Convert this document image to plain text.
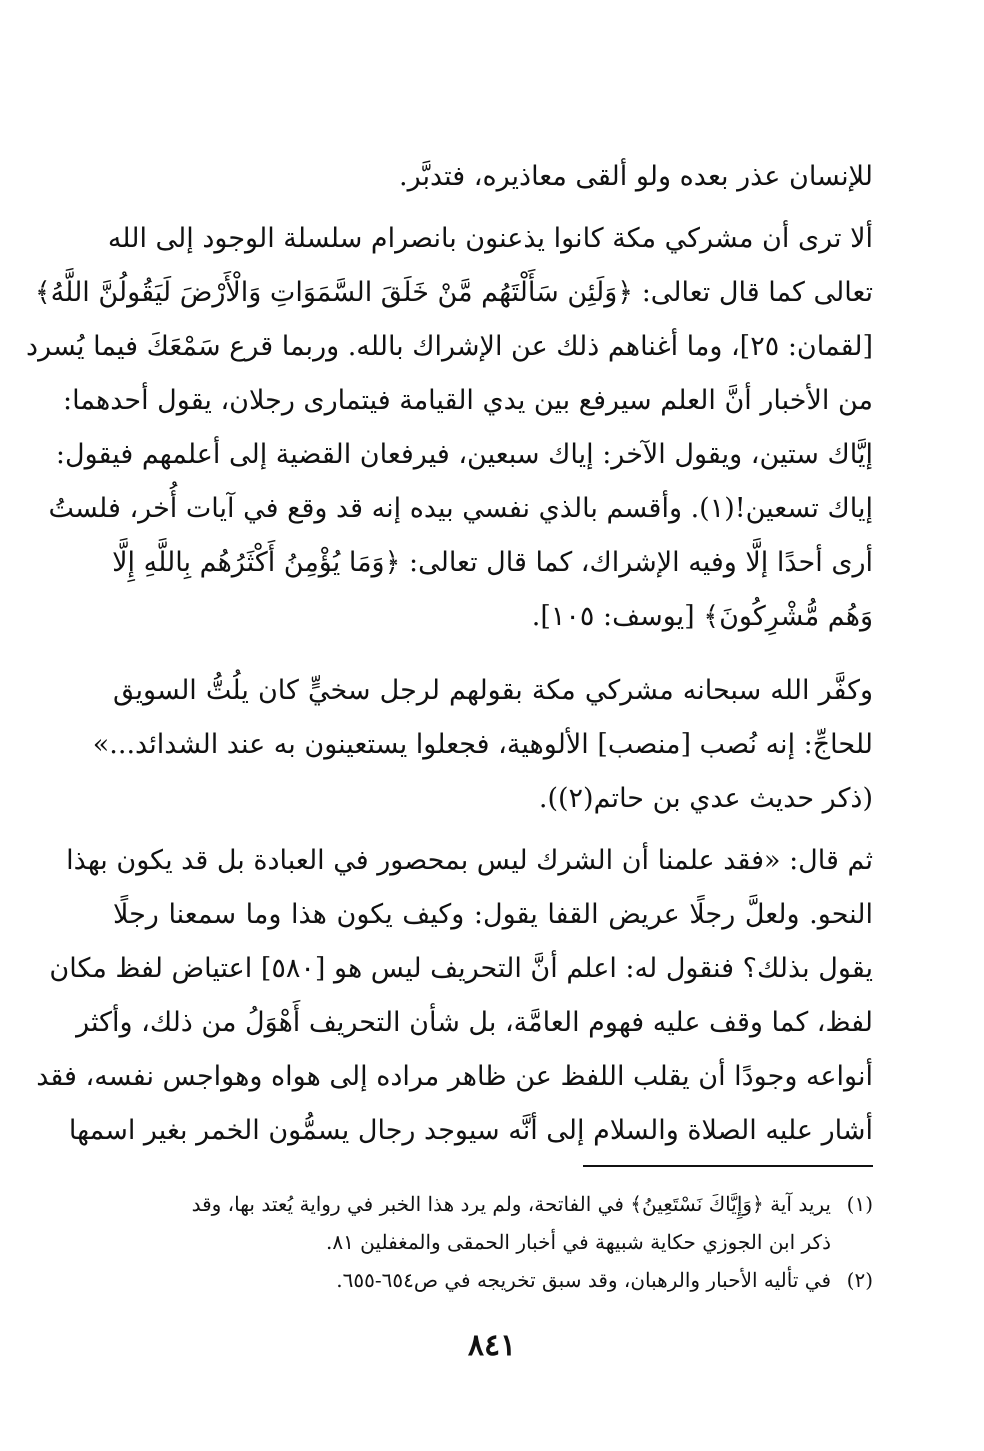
للإنسان عذر بعده ولو ألقى معاذيره، فتدبَّر.
ألا ترى أن مشركي مكة كانوا يذعنون بانصرام سلسلة الوجود إلى الله
تعالى كما قال تعالى: ﴿وَلَئِن سَأَلْتَهُم مَّنْ خَلَقَ السَّمَوَاتِ وَالْأَرْضَ لَيَقُولُنَّ اللَّهُ﴾
[لقمان: ٢٥]، وما أغناهم ذلك عن الإشراك بالله. وربما قرع سَمْعَكَ فيما يُسرد
من الأخبار أنَّ العلم سيرفع بين يدي القيامة فيتمارى رجلان، يقول أحدهما:
إيَّاك ستين، ويقول الآخر: إياك سبعين، فيرفعان القضية إلى أعلمهم فيقول:
إياك تسعين!(١). وأقسم بالذي نفسي بيده إنه قد وقع في آيات أُخر، فلستُ
أرى أحدًا إلَّا وفيه الإشراك، كما قال تعالى: ﴿وَمَا يُؤْمِنُ أَكْثَرُهُم بِاللَّهِ إِلَّا
وَهُم مُّشْرِكُونَ﴾ [يوسف: ١٠٥].
وكفَّر الله سبحانه مشركي مكة بقولهم لرجل سخيٍّ كان يلُتُّ السويق
للحاجِّ: إنه نُصب [منصب] الألوهية، فجعلوا يستعينون به عند الشدائد...»
(ذكر حديث عدي بن حاتم(٢)).
ثم قال: «فقد علمنا أن الشرك ليس بمحصور في العبادة بل قد يكون بهذا
النحو. ولعلَّ رجلًا عريض القفا يقول: وكيف يكون هذا وما سمعنا رجلًا
يقول بذلك؟ فنقول له: اعلم أنَّ التحريف ليس هو [٥٨٠] اعتياض لفظ مكان
لفظ، كما وقف عليه فهوم العامَّة، بل شأن التحريف أَهْوَلُ من ذلك، وأكثر
أنواعه وجودًا أن يقلب اللفظ عن ظاهر مراده إلى هواه وهواجس نفسه، فقد
أشار عليه الصلاة والسلام إلى أنَّه سيوجد رجال يسمُّون الخمر بغير اسمها
(١)يريد آية ﴿وَإِيَّاكَ نَسْتَعِينُ﴾ في الفاتحة، ولم يرد هذا الخبر في رواية يُعتد بها، وقد
ذكر ابن الجوزي حكاية شبيهة في أخبار الحمقى والمغفلين ٨١.
(٢)في تأليه الأحبار والرهبان، وقد سبق تخريجه في ص٦٥٤-٦٥٥.
٨٤١
